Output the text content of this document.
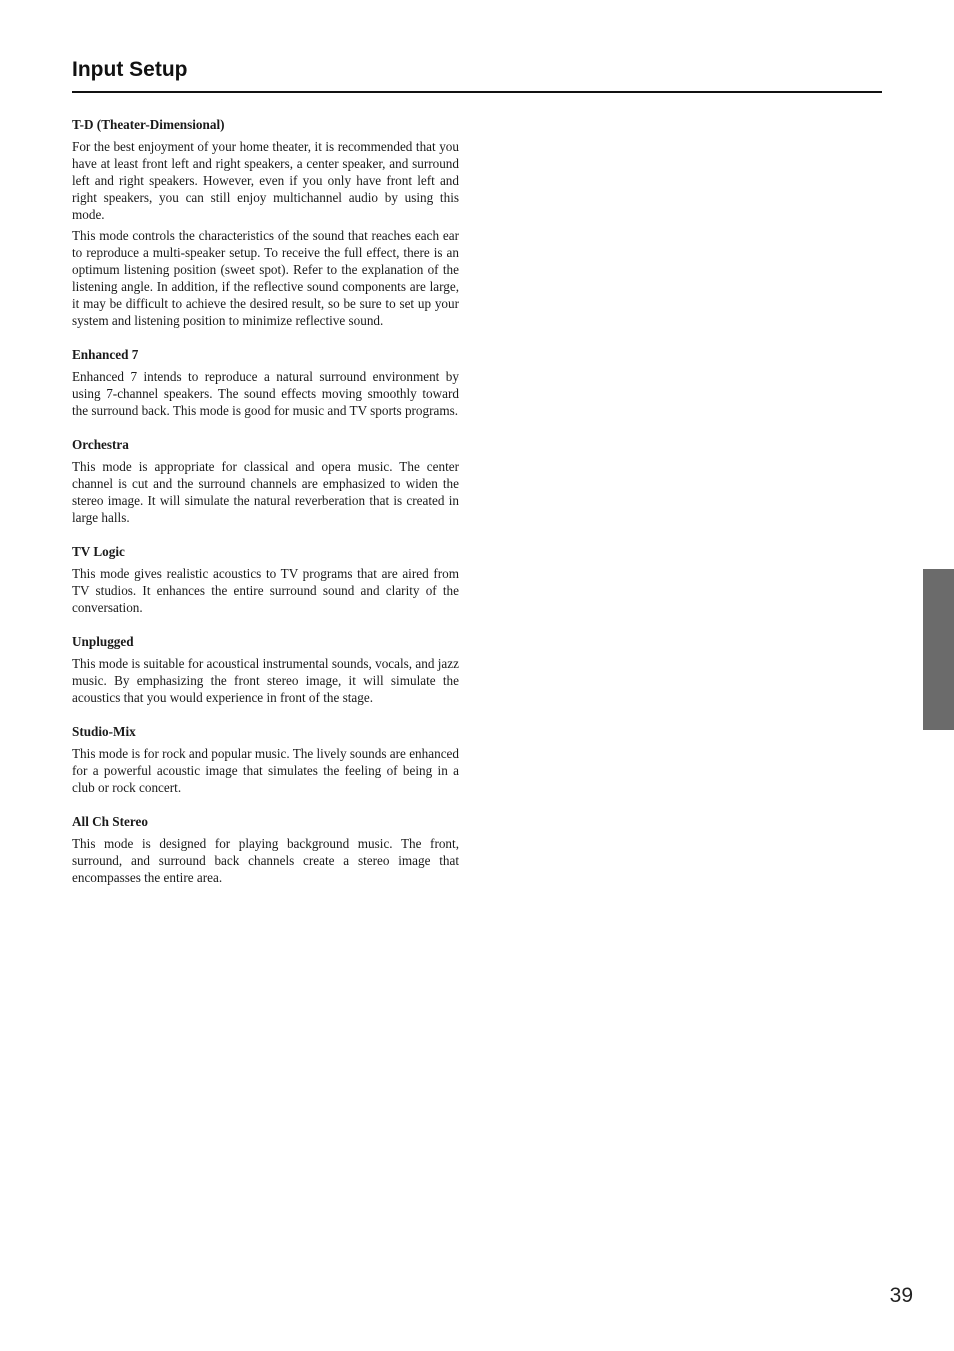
Input Setup
T-D (Theater-Dimensional)

For the best enjoyment of your home theater, it is recommended that you have at least front left and right speakers, a center speaker, and surround left and right speakers. However, even if you only have front left and right speakers, you can still enjoy multichannel audio by using this mode.

This mode controls the characteristics of the sound that reaches each ear to reproduce a multi-speaker setup. To receive the full effect, there is an optimum listening position (sweet spot). Refer to the explanation of the listening angle. In addition, if the reflective sound components are large, it may be difficult to achieve the desired result, so be sure to set up your system and listening position to minimize reflective sound.

Enhanced 7

Enhanced 7 intends to reproduce a natural surround environment by using 7-channel speakers. The sound effects moving smoothly toward the surround back. This mode is good for music and TV sports programs.

Orchestra

This mode is appropriate for classical and opera music. The center channel is cut and the surround channels are emphasized to widen the stereo image. It will simulate the natural reverberation that is created in large halls.

TV Logic

This mode gives realistic acoustics to TV programs that are aired from TV studios. It enhances the entire surround sound and clarity of the conversation.

Unplugged

This mode is suitable for acoustical instrumental sounds, vocals, and jazz music. By emphasizing the front stereo image, it will simulate the acoustics that you would experience in front of the stage.

Studio-Mix

This mode is for rock and popular music. The lively sounds are enhanced for a powerful acoustic image that simulates the feeling of being in a club or rock concert.

All Ch Stereo

This mode is designed for playing background music. The front, surround, and surround back channels create a stereo image that encompasses the entire area.

39
